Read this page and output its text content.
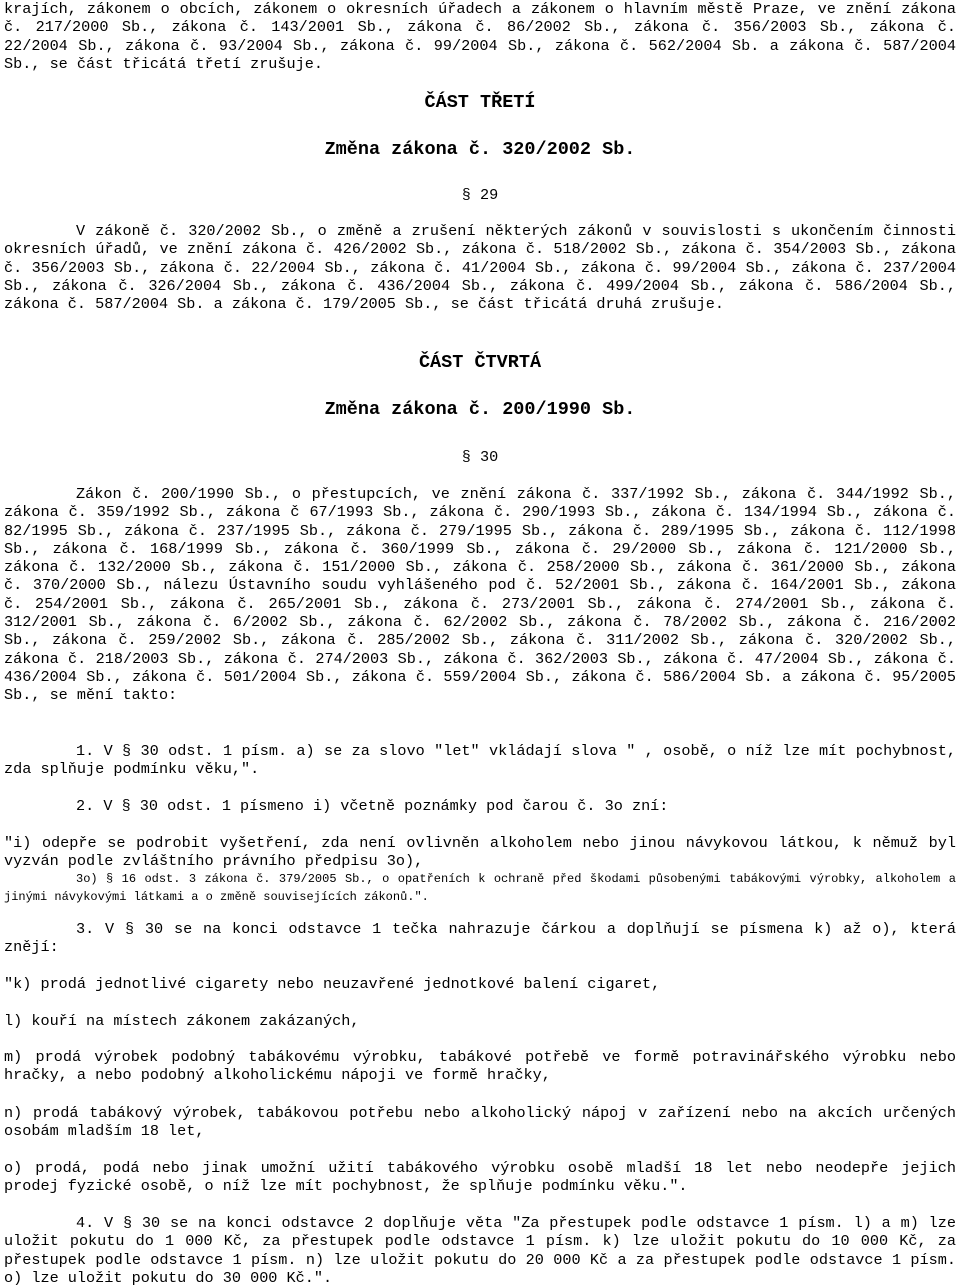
krajích, zákonem o obcích, zákonem o okresních úřadech a zákonem o hlavním městě Praze, ve znění zákona č. 217/2000 Sb., zákona č. 143/2001 Sb., zákona č. 86/2002 Sb., zákona č. 356/2003 Sb., zákona č. 22/2004 Sb., zákona č. 93/2004 Sb., zákona č. 99/2004 Sb., zákona č. 562/2004 Sb. a zákona č. 587/2004 Sb., se část třicátá třetí zrušuje.

ČÁST TŘETÍ
Změna zákona č. 320/2002 Sb.
§ 29

V zákoně č. 320/2002 Sb., o změně a zrušení některých zákonů v souvislosti s ukončením činnosti okresních úřadů, ve znění zákona č. 426/2002 Sb., zákona č. 518/2002 Sb., zákona č. 354/2003 Sb., zákona č. 356/2003 Sb., zákona č. 22/2004 Sb., zákona č. 41/2004 Sb., zákona č. 99/2004 Sb., zákona č. 237/2004 Sb., zákona č. 326/2004 Sb., zákona č. 436/2004 Sb., zákona č. 499/2004 Sb., zákona č. 586/2004 Sb., zákona č. 587/2004 Sb. a zákona č. 179/2005 Sb., se část třicátá druhá zrušuje.

ČÁST ČTVRTÁ
Změna zákona č. 200/1990 Sb.
§ 30

Zákon č. 200/1990 Sb., o přestupcích, ve znění zákona č. 337/1992 Sb., zákona č. 344/1992 Sb., zákona č. 359/1992 Sb., zákona č 67/1993 Sb., zákona č. 290/1993 Sb., zákona č. 134/1994 Sb., zákona č. 82/1995 Sb., zákona č. 237/1995 Sb., zákona č. 279/1995 Sb., zákona č. 289/1995 Sb., zákona č. 112/1998 Sb., zákona č. 168/1999 Sb., zákona č. 360/1999 Sb., zákona č. 29/2000 Sb., zákona č. 121/2000 Sb., zákona č. 132/2000 Sb., zákona č. 151/2000 Sb., zákona č. 258/2000 Sb., zákona č. 361/2000 Sb., zákona č. 370/2000 Sb., nálezu Ústavního soudu vyhlášeného pod č. 52/2001 Sb., zákona č. 164/2001 Sb., zákona č. 254/2001 Sb., zákona č. 265/2001 Sb., zákona č. 273/2001 Sb., zákona č. 274/2001 Sb., zákona č. 312/2001 Sb., zákona č. 6/2002 Sb., zákona č. 62/2002 Sb., zákona č. 78/2002 Sb., zákona č. 216/2002 Sb., zákona č. 259/2002 Sb., zákona č. 285/2002 Sb., zákona č. 311/2002 Sb., zákona č. 320/2002 Sb., zákona č. 218/2003 Sb., zákona č. 274/2003 Sb., zákona č. 362/2003 Sb., zákona č. 47/2004 Sb., zákona č. 436/2004 Sb., zákona č. 501/2004 Sb., zákona č. 559/2004 Sb., zákona č. 586/2004 Sb. a zákona č. 95/2005 Sb., se mění takto:

1. V § 30 odst. 1 písm. a) se za slovo "let" vkládají slova " , osobě, o níž lze mít pochybnost, zda splňuje podmínku věku,".

2. V § 30 odst. 1 písmeno i) včetně poznámky pod čarou č. 3o zní:

"i) odepře se podrobit vyšetření, zda není ovlivněn alkoholem nebo jinou návykovou látkou, k němuž byl vyzván podle zvláštního právního předpisu 3o),

3o) § 16 odst. 3 zákona č. 379/2005 Sb., o opatřeních k ochraně před škodami působenými tabákovými výrobky, alkoholem a jinými návykovými látkami a o změně souvisejících zákonů.".

3. V § 30 se na konci odstavce 1 tečka nahrazuje čárkou a doplňují se písmena k) až o), která znějí:

"k) prodá jednotlivé cigarety nebo neuzavřené jednotkové balení cigaret,

l) kouří na místech zákonem zakázaných,

m) prodá výrobek podobný tabákovému výrobku, tabákové potřebě ve formě potravinářského výrobku nebo hračky, a nebo podobný alkoholickému nápoji ve formě hračky,

n) prodá tabákový výrobek, tabákovou potřebu nebo alkoholický nápoj v zařízení nebo na akcích určených osobám mladším 18 let,

o) prodá, podá nebo jinak umožní užití tabákového výrobku osobě mladší 18 let nebo neodepře jejich prodej fyzické osobě, o níž lze mít pochybnost, že splňuje podmínku věku.".

4. V § 30 se na konci odstavce 2 doplňuje věta "Za přestupek podle odstavce 1 písm. l) a m) lze uložit pokutu do 1 000 Kč, za přestupek podle odstavce 1 písm. k) lze uložit pokutu do 10 000 Kč, za přestupek podle odstavce 1 písm. n) lze uložit pokutu do 20 000 Kč a za přestupek podle odstavce 1 písm. o) lze uložit pokutu do 30 000 Kč.".
